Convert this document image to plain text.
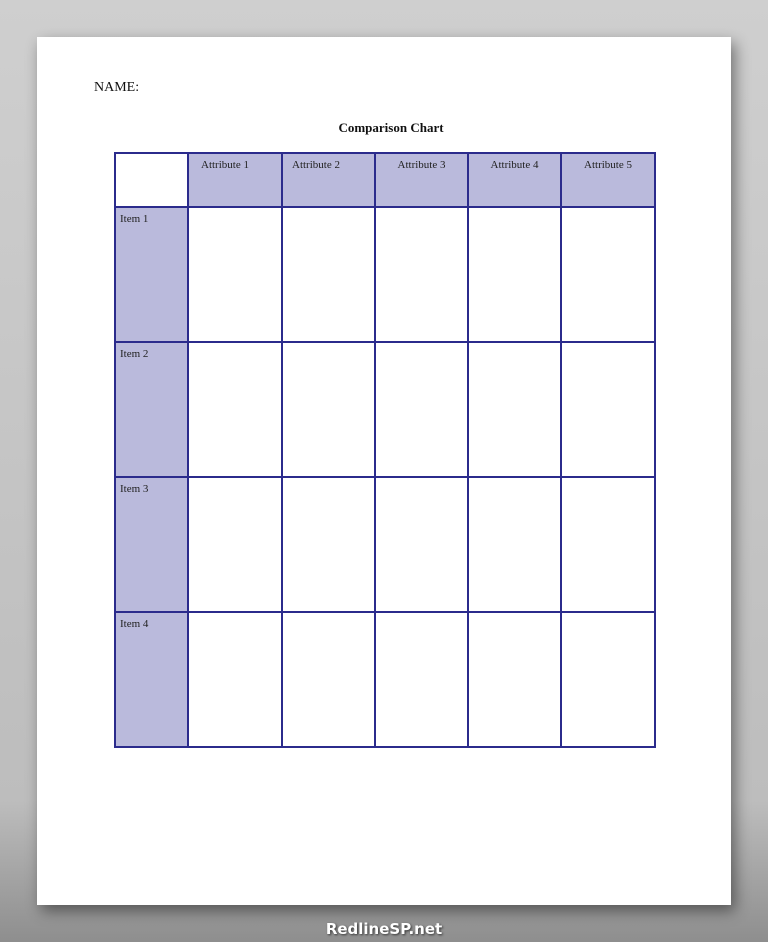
NAME:
Comparison Chart
	Attribute 1	Attribute 2	Attribute 3	Attribute 4	Attribute 5
Item 1					
Item 2					
Item 3					
Item 4					
RedlineSP.net
